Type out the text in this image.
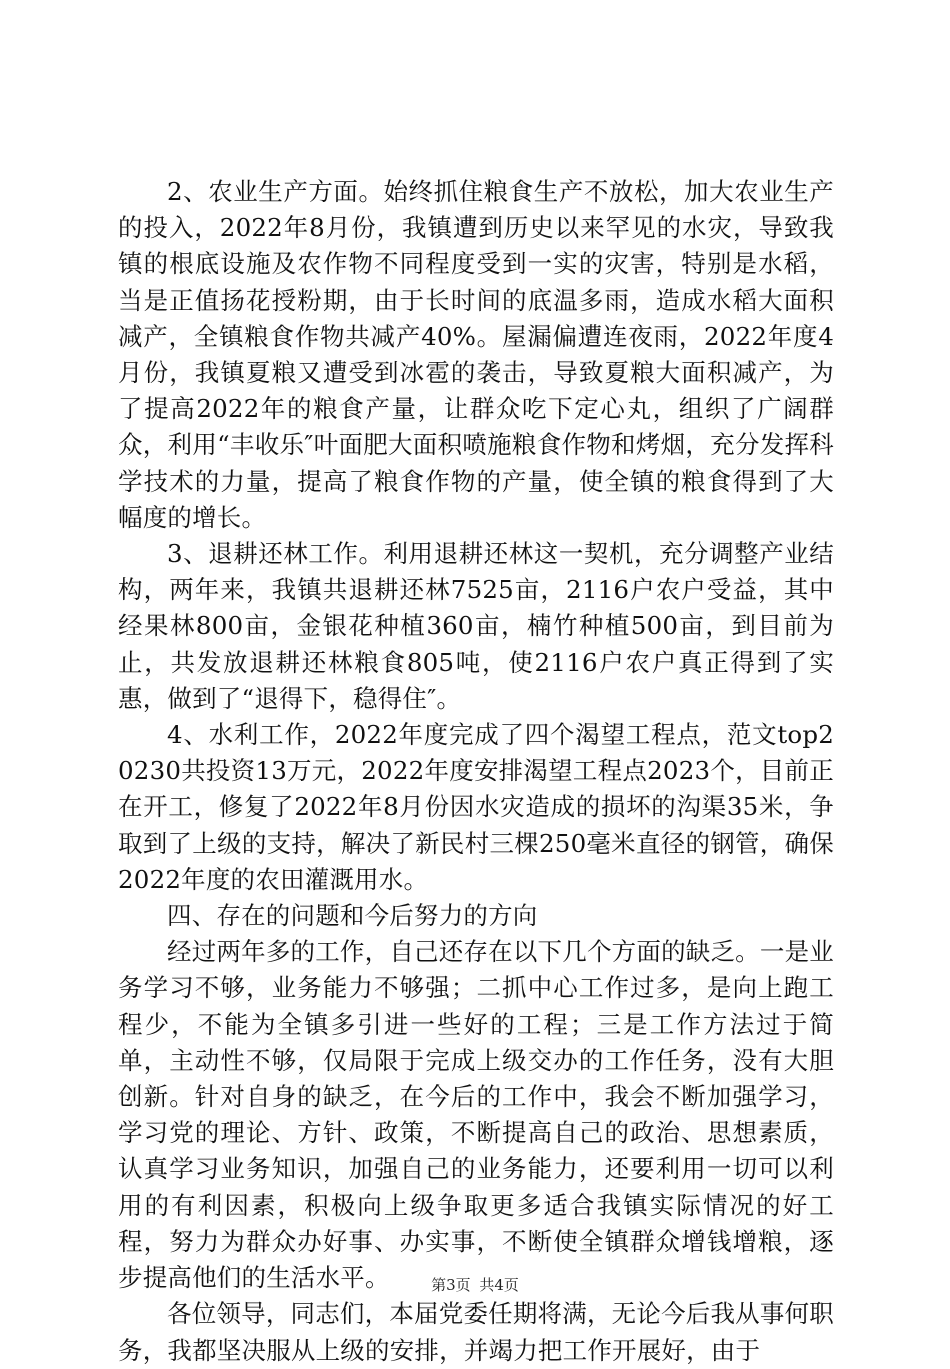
2、农业生产方面。始终抓住粮食生产不放松，加大农业生产的投入，2022年8月份，我镇遭到历史以来罕见的水灾，导致我镇的根底设施及农作物不同程度受到一实的灾害，特别是水稻，当是正值扬花授粉期，由于长时间的底温多雨，造成水稻大面积减产，全镇粮食作物共减产40%。屋漏偏遭连夜雨，2022年度4月份，我镇夏粮又遭受到冰雹的袭击，导致夏粮大面积减产，为了提高2022年的粮食产量，让群众吃下定心丸，组织了广阔群众，利用“丰收乐″叶面肥大面积喷施粮食作物和烤烟，充分发挥科学技术的力量，提高了粮食作物的产量，使全镇的粮食得到了大幅度的增长。

3、退耕还林工作。利用退耕还林这一契机，充分调整产业结构，两年来，我镇共退耕还林7525亩，2116户农户受益，其中经果林800亩，金银花种植360亩，楠竹种植500亩，到目前为止，共发放退耕还林粮食805吨，使2116户农户真正得到了实惠，做到了“退得下，稳得住″。

4、水利工作，2022年度完成了四个渴望工程点，范文top20230共投资13万元，2022年度安排渴望工程点2023个，目前正在开工，修复了2022年8月份因水灾造成的损坏的沟渠35米，争取到了上级的支持，解决了新民村三棵250毫米直径的钢管，确保2022年度的农田灌溉用水。

四、存在的问题和今后努力的方向

经过两年多的工作，自己还存在以下几个方面的缺乏。一是业务学习不够，业务能力不够强；二抓中心工作过多，是向上跑工程少，不能为全镇多引进一些好的工程；三是工作方法过于简单，主动性不够，仅局限于完成上级交办的工作任务，没有大胆创新。针对自身的缺乏，在今后的工作中，我会不断加强学习，学习党的理论、方针、政策，不断提高自己的政治、思想素质，认真学习业务知识，加强自己的业务能力，还要利用一切可以利用的有利因素，积极向上级争取更多适合我镇实际情况的好工程，努力为群众办好事、办实事，不断使全镇群众增钱增粮，逐步提高他们的生活水平。

各位领导，同志们，本届党委任期将满，无论今后我从事何职务，我都坚决服从上级的安排，并竭力把工作开展好，由于

第3页 共4页
